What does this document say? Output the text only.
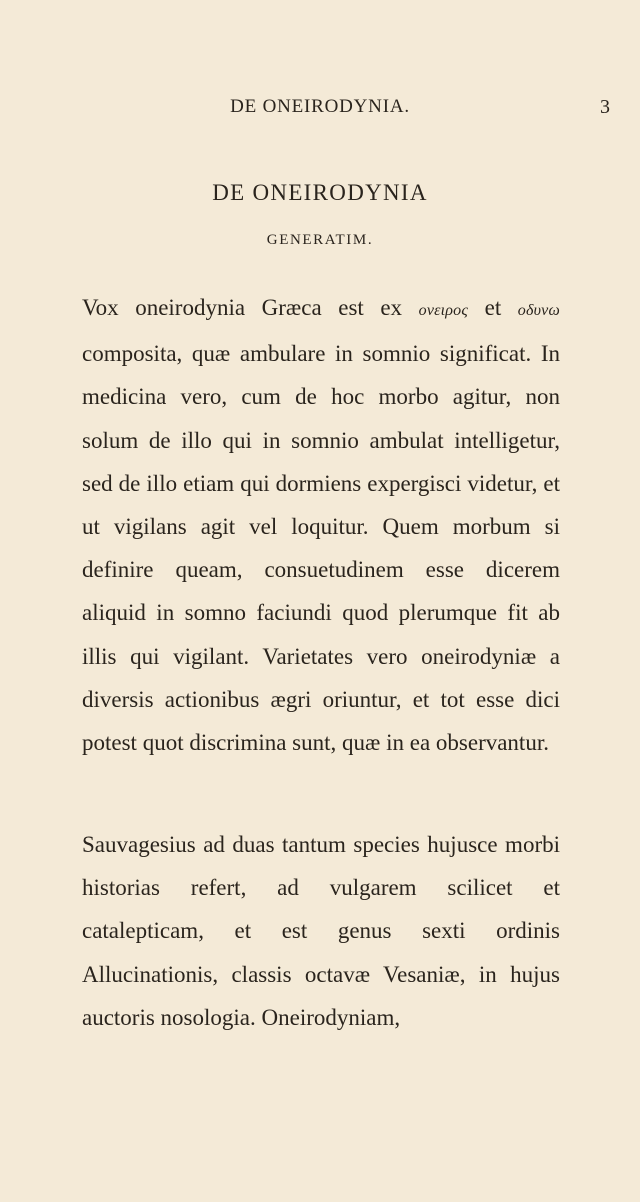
DE ONEIRODYNIA.	3
DE ONEIRODYNIA
GENERATIM.

Vox oneirodynia Græca est ex ονειρος et οδυνω composita, quæ ambulare in somnio significat. In medicina vero, cum de hoc morbo agitur, non solum de illo qui in somnio ambulat intelligetur, sed de illo etiam qui dormiens expergisci videtur, et ut vigilans agit vel loquitur. Quem morbum si definire queam, consuetudinem esse dicerem aliquid in somno faciundi quod plerumque fit ab illis qui vigilant. Varietates vero oneirodyniæ a diversis actionibus ægri oriuntur, et tot esse dici potest quot discrimina sunt, quæ in ea observantur.

Sauvagesius ad duas tantum species hujusce morbi historias refert, ad vulgarem scilicet et catalepticam, et est genus sexti ordinis Allucinationis, classis octavæ Vesaniæ, in hujus auctoris nosologia. Oneirodyniam,
